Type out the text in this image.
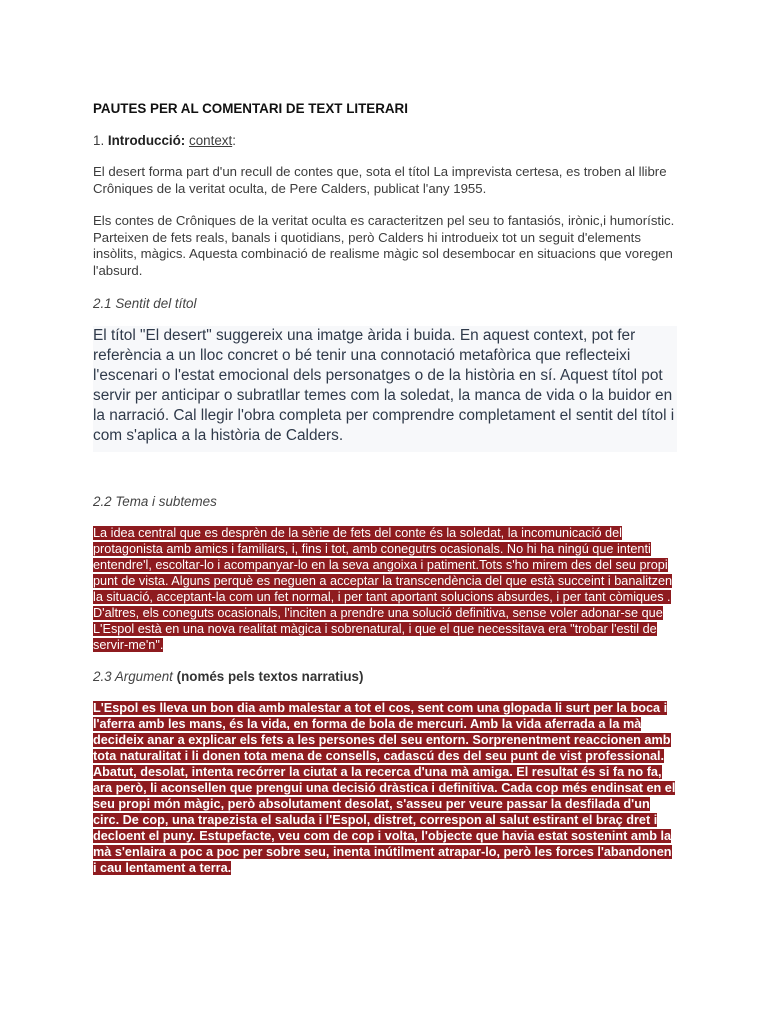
PAUTES PER AL COMENTARI DE TEXT LITERARI
1. Introducció: context:
El desert forma part d'un recull de contes que, sota el títol La imprevista certesa, es troben al llibre Crôniques de la veritat oculta, de Pere Calders, publicat l'any 1955.
Els contes de Crôniques de la veritat oculta es caracteritzen pel seu to fantasiós, irònic,i humorístic. Parteixen de fets reals, banals i quotidians, però Calders hi introdueix tot un seguit d'elements insòlits, màgics. Aquesta combinació de realisme màgic sol desembocar en situacions que voregen l'absurd.
2.1 Sentit del títol
El títol "El desert" suggereix una imatge àrida i buida. En aquest context, pot fer referència a un lloc concret o bé tenir una connotació metafòrica que reflecteixi l'escenari o l'estat emocional dels personatges o de la història en sí. Aquest títol pot servir per anticipar o subratllar temes com la soledat, la manca de vida o la buidor en la narració. Cal llegir l'obra completa per comprendre completament el sentit del títol i com s'aplica a la història de Calders.
2.2 Tema i subtemes
La idea central que es desprèn de la sèrie de fets del conte és la soledat, la incomunicació del protagonista amb amics i familiars, i, fins i tot, amb conegutrs ocasionals. No hi ha ningú que intenti entendre'l, escoltar-lo i acompanyar-lo en la seva angoixa i patiment.Tots s'ho mirem des del seu propi punt de vista. Alguns perquè es neguen a acceptar la transcendència del que està succeint i banalitzen la situació, acceptant-la com un fet normal, i per tant aportant solucions absurdes, i per tant còmiques . D'altres, els coneguts ocasionals, l'inciten a prendre una solució definitiva, sense voler adonar-se que L'Espol està en una nova realitat màgica i sobrenatural, i que el que necessitava era "trobar l'estil de servir-me'n".
2.3 Argument (només pels textos narratius)
L'Espol es lleva un bon dia amb malestar a tot el cos, sent com una glopada li surt per la boca i l'aferra amb les mans, és la vida, en forma de bola de mercuri. Amb la vida aferrada a la mà decideix anar a explicar els fets a les persones del seu entorn. Sorprenentment reaccionen amb tota naturalitat i li donen tota mena de consells, cadascú des del seu punt de vist professional. Abatut, desolat, intenta recórrer la ciutat a la recerca d'una mà amiga. El resultat és si fa no fa, ara però, li aconsellen que prengui una decisió dràstica i definitiva. Cada cop més endinsat en el seu propi món màgic, però absolutament desolat, s'asseu per veure passar la desfilada d'un circ. De cop, una trapezista el saluda i l'Espol, distret, correspon al salut estirant el braç dret i decloent el puny. Estupefacte, veu com de cop i volta, l'objecte que havia estat sostenint amb la mà s'enlaira a poc a poc per sobre seu, inenta inútilment atrapar-lo, però les forces l'abandonen i cau lentament a terra.
